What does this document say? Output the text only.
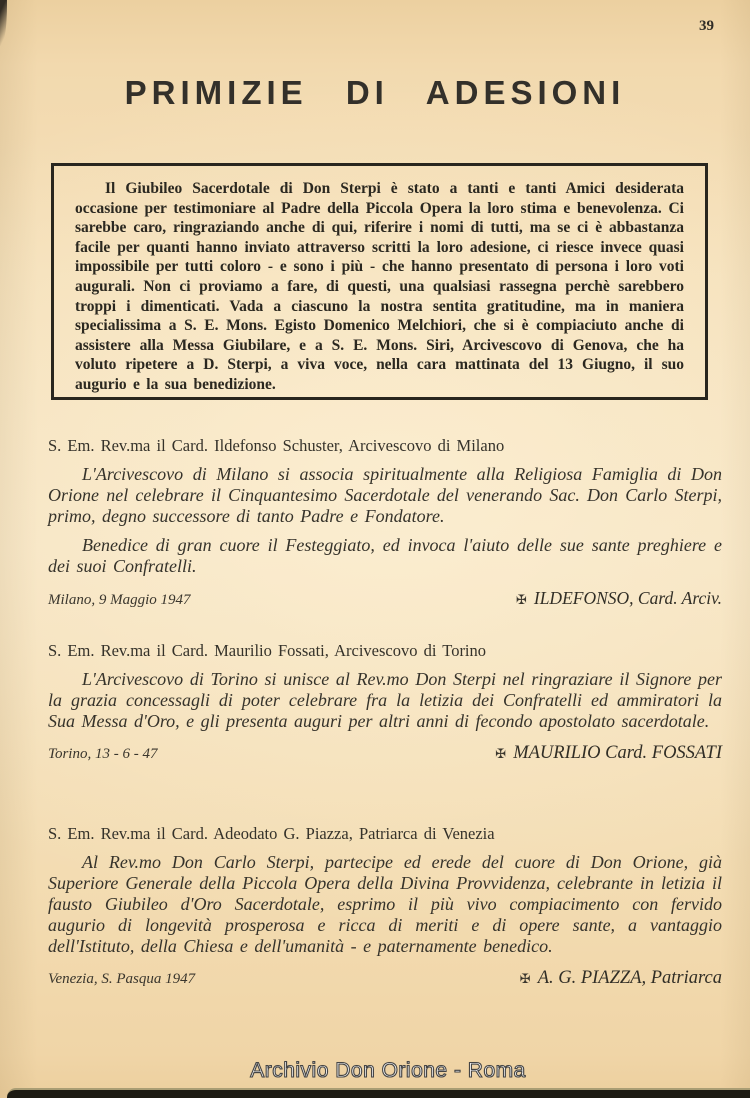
39
PRIMIZIE DI ADESIONI

Il Giubileo Sacerdotale di Don Sterpi è stato a tanti e tanti Amici desiderata occasione per testimoniare al Padre della Piccola Opera la loro stima e benevolenza. Ci sarebbe caro, ringraziando anche di qui, riferire i nomi di tutti, ma se ci è abbastanza facile per quanti hanno inviato attraverso scritti la loro adesione, ci riesce invece quasi impossibile per tutti coloro - e sono i più - che hanno presentato di persona i loro voti augurali. Non ci proviamo a fare, di questi, una qualsiasi rassegna perchè sarebbero troppi i dimenticati. Vada a ciascuno la nostra sentita gratitudine, ma in maniera specialissima a S. E. Mons. Egisto Domenico Melchiori, che si è compiaciuto anche di assistere alla Messa Giubilare, e a S. E. Mons. Siri, Arcivescovo di Genova, che ha voluto ripetere a D. Sterpi, a viva voce, nella cara mattinata del 13 Giugno, il suo augurio e la sua benedizione.

S. Em. Rev.ma il Card. Ildefonso Schuster, Arcivescovo di Milano

L'Arcivescovo di Milano si associa spiritualmente alla Religiosa Famiglia di Don Orione nel celebrare il Cinquantesimo Sacerdotale del venerando Sac. Don Carlo Sterpi, primo, degno successore di tanto Padre e Fondatore.

Benedice di gran cuore il Festeggiato, ed invoca l'aiuto delle sue sante preghiere e dei suoi Confratelli.

Milano, 9 Maggio 1947	✠ ILDEFONSO, Card. Arciv.
S. Em. Rev.ma il Card. Maurilio Fossati, Arcivescovo di Torino

L'Arcivescovo di Torino si unisce al Rev.mo Don Sterpi nel ringraziare il Signore per la grazia concessagli di poter celebrare fra la letizia dei Confratelli ed ammiratori la Sua Messa d'Oro, e gli presenta auguri per altri anni di fecondo apostolato sacerdotale.

Torino, 13 - 6 - 47	✠ MAURILIO Card. FOSSATI
S. Em. Rev.ma il Card. Adeodato G. Piazza, Patriarca di Venezia

Al Rev.mo Don Carlo Sterpi, partecipe ed erede del cuore di Don Orione, già Superiore Generale della Piccola Opera della Divina Provvidenza, celebrante in letizia il fausto Giubileo d'Oro Sacerdotale, esprimo il più vivo compiacimento con fervido augurio di longevità prosperosa e ricca di meriti e di opere sante, a vantaggio dell'Istituto, della Chiesa e dell'umanità - e paternamente benedico.

Venezia, S. Pasqua 1947	✠ A. G. PIAZZA, Patriarca
Archivio Don Orione - Roma
